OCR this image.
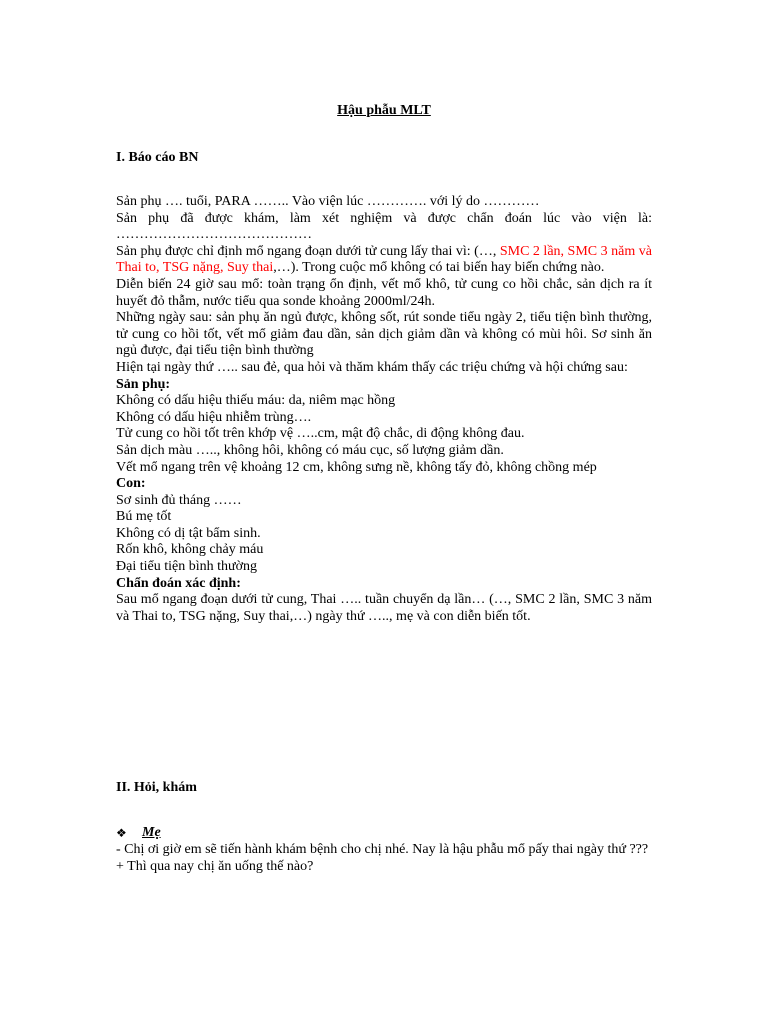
Hậu phẫu MLT
I. Báo cáo BN

Sản phụ …. tuổi, PARA …….. Vào viện lúc …………. với lý do …………

Sản phụ đã được khám, làm xét nghiệm và được chẩn đoán lúc vào viện là: ……………………………………

Sản phụ được chỉ định mổ ngang đoạn dưới tử cung lấy thai vì: (…, SMC 2 lần, SMC 3 năm và Thai to, TSG nặng, Suy thai,…). Trong cuộc mổ không có tai biến hay biến chứng nào.

Diễn biến 24 giờ sau mổ: toàn trạng ổn định, vết mổ khô, tử cung co hồi chắc, sản dịch ra ít huyết đỏ thẫm, nước tiểu qua sonde khoảng 2000ml/24h.

Những ngày sau: sản phụ ăn ngủ được, không sốt, rút sonde tiểu ngày 2, tiểu tiện bình thường, tử cung co hồi tốt, vết mổ giảm đau dần, sản dịch giảm dần và không có mùi hôi. Sơ sinh ăn ngủ được, đại tiểu tiện bình thường

Hiện tại ngày thứ ….. sau đẻ, qua hỏi và thăm khám thấy các triệu chứng và hội chứng sau:

Sản phụ:

Không có dấu hiệu thiếu máu: da, niêm mạc hồng

Không có dấu hiệu nhiễm trùng….

Tử cung co hồi tốt trên khớp vệ …..cm, mật độ chắc, di động không đau.

Sản dịch màu ….., không hôi, không có máu cục, số lượng giảm dần.

Vết mổ ngang trên vệ khoảng 12 cm, không sưng nề, không tấy đỏ, không chồng mép

Con:

Sơ sinh đủ tháng ……

Bú mẹ tốt

Không có dị tật bẩm sinh.

Rốn khô, không chảy máu

Đại tiểu tiện bình thường

Chẩn đoán xác định:

Sau mổ ngang đoạn dưới tử cung, Thai ….. tuần chuyển dạ lần… (…, SMC 2 lần, SMC 3 năm và Thai to, TSG nặng, Suy thai,…) ngày thứ ….., mẹ và con diễn biến tốt.

II. Hỏi, khám
❖	Mẹ

- Chị ơi giờ em sẽ tiến hành khám bệnh cho chị nhé. Nay là hậu phẫu mổ pấy thai ngày thứ ???

+ Thì qua nay chị ăn uống thế nào?
